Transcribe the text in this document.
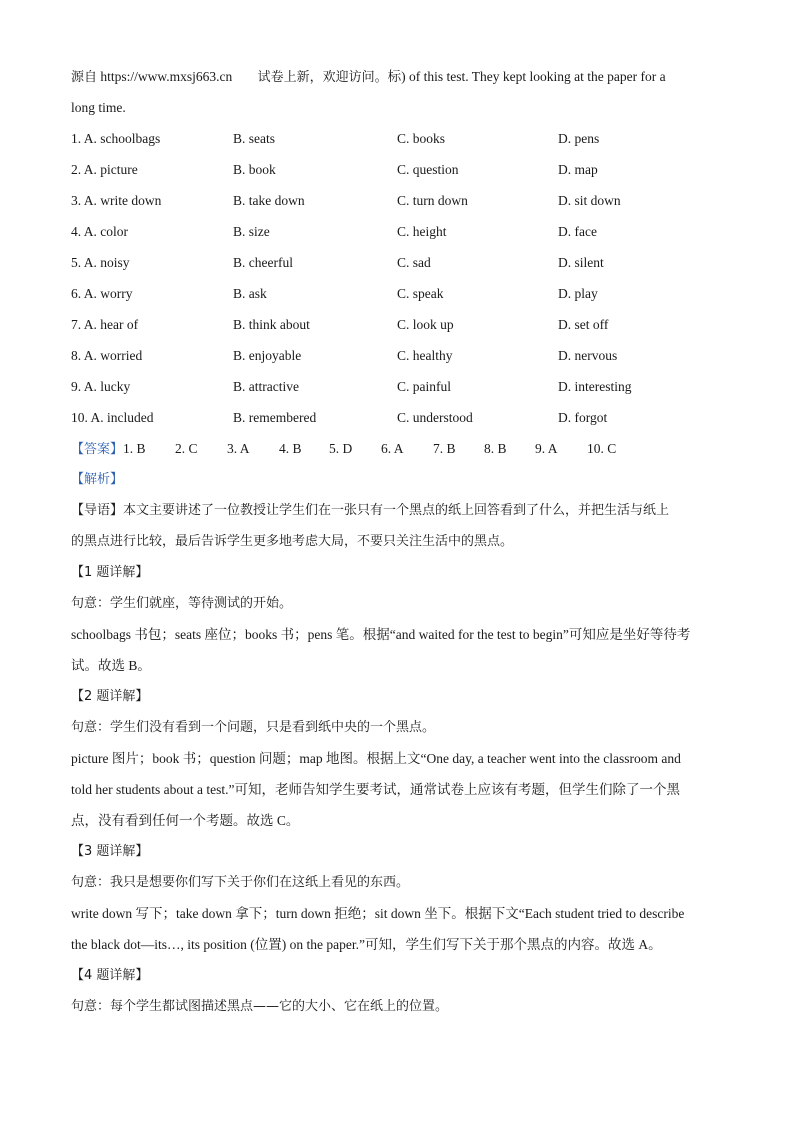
源自 https://www.mxsj663.cn 试卷上新，欢迎访问。标) of this test. They kept looking at the paper for a
long time.
1. A. schoolbags	B. seats	C. books	D. pens
2. A. picture	B. book	C. question	D. map
3. A. write down	B. take down	C. turn down	D. sit down
4. A. color	B. size	C. height	D. face
5. A. noisy	B. cheerful	C. sad	D. silent
6. A. worry	B. ask	C. speak	D. play
7. A. hear of	B. think about	C. look up	D. set off
8. A. worried	B. enjoyable	C. healthy	D. nervous
9. A. lucky	B. attractive	C. painful	D. interesting
10. A. included	B. remembered	C. understood	D. forgot
【答案】1. B 2. C 3. A 4. B 5. D 6. A 7. B 8. B 9. A 10. C
【解析】
【导语】本文主要讲述了一位教授让学生们在一张只有一个黑点的纸上回答看到了什么，并把生活与纸上
的黑点进行比较，最后告诉学生更多地考虑大局，不要只关注生活中的黑点。
【1 题详解】
句意：学生们就座，等待测试的开始。
schoolbags 书包；seats 座位；books 书；pens 笔。根据“and waited for the test to begin”可知应是坐好等待考
试。故选 B。
【2 题详解】
句意：学生们没有看到一个问题，只是看到纸中央的一个黑点。
picture 图片；book 书；question 问题；map 地图。根据上文“One day, a teacher went into the classroom and
told her students about a test.”可知，老师告知学生要考试，通常试卷上应该有考题，但学生们除了一个黑
点，没有看到任何一个考题。故选 C。
【3 题详解】
句意：我只是想要你们写下关于你们在这纸上看见的东西。
write down 写下；take down 拿下；turn down 拒绝；sit down 坐下。根据下文“Each student tried to describe
the black dot—its…, its position (位置) on the paper.”可知，学生们写下关于那个黑点的内容。故选 A。
【4 题详解】
句意：每个学生都试图描述黑点——它的大小、它在纸上的位置。
